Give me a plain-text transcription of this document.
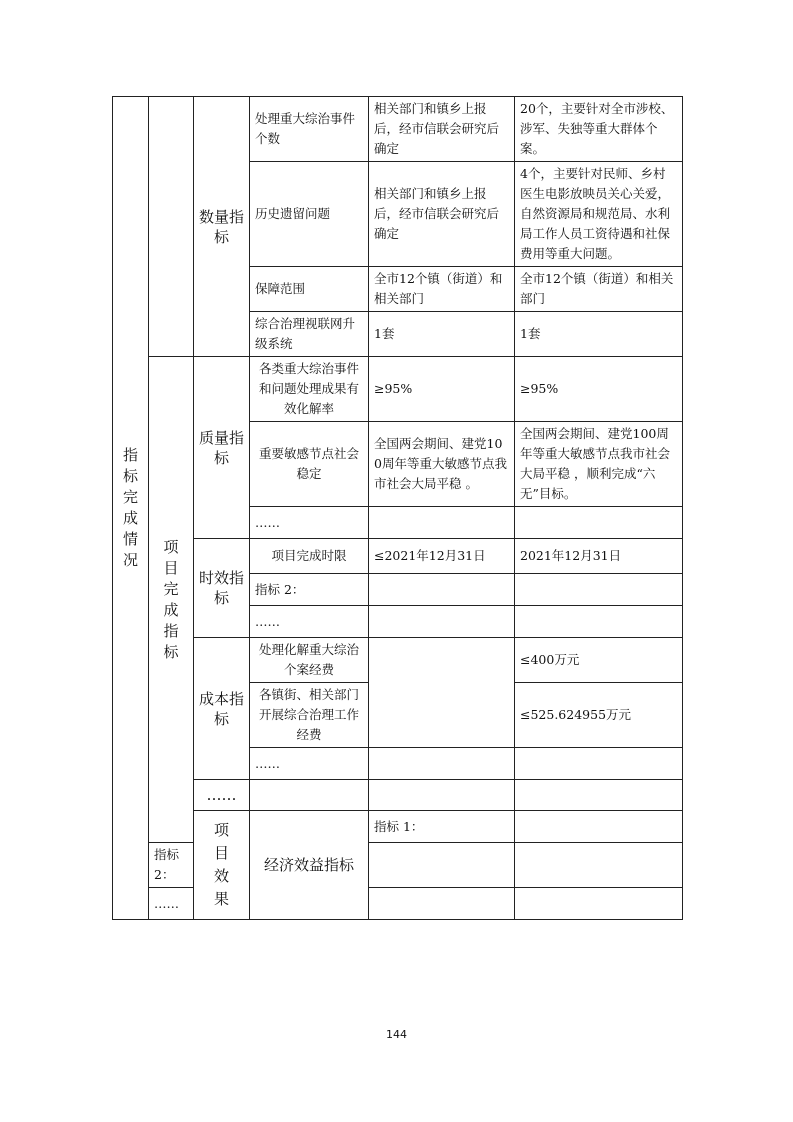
指标完成情况		数量指标	处理重大综治事件个数	相关部门和镇乡上报后，经市信联会研究后确定	20个，主要针对全市涉校、涉军、失独等重大群体个案。	
			历史遗留问题	相关部门和镇乡上报后，经市信联会研究后确定	4个，主要针对民师、乡村医生电影放映员关心关爱，自然资源局和规范局、水利局工作人员工资待遇和社保费用等重大问题。	
			保障范围	全市12个镇（街道）和相关部门	全市12个镇（街道）和相关部门	
			综合治理视联网升级系统	1套	1套	

	项目完成指标	质量指标	各类重大综治事件和问题处理成果有效化解率	≥95%	≥95%	
			重要敏感节点社会稳定	全国两会期间、建党100周年等重大敏感节点我市社会大局平稳 。	全国两会期间、建党100周年等重大敏感节点我市社会大局平稳 ，顺利完成“六无”目标。	
			……			

		时效指标	项目完成时限	≤2021年12月31日	2021年12月31日	
			指标 2：			
			……			

		成本指标	处理化解重大综治个案经费		≤400万元	
			各镇街、相关部门开展综合治理工作经费		≤525.624955万元	
			……			

		……				

		项目效果	经济效益指标	指标 1：		
	指标 2：					
	……					
144
